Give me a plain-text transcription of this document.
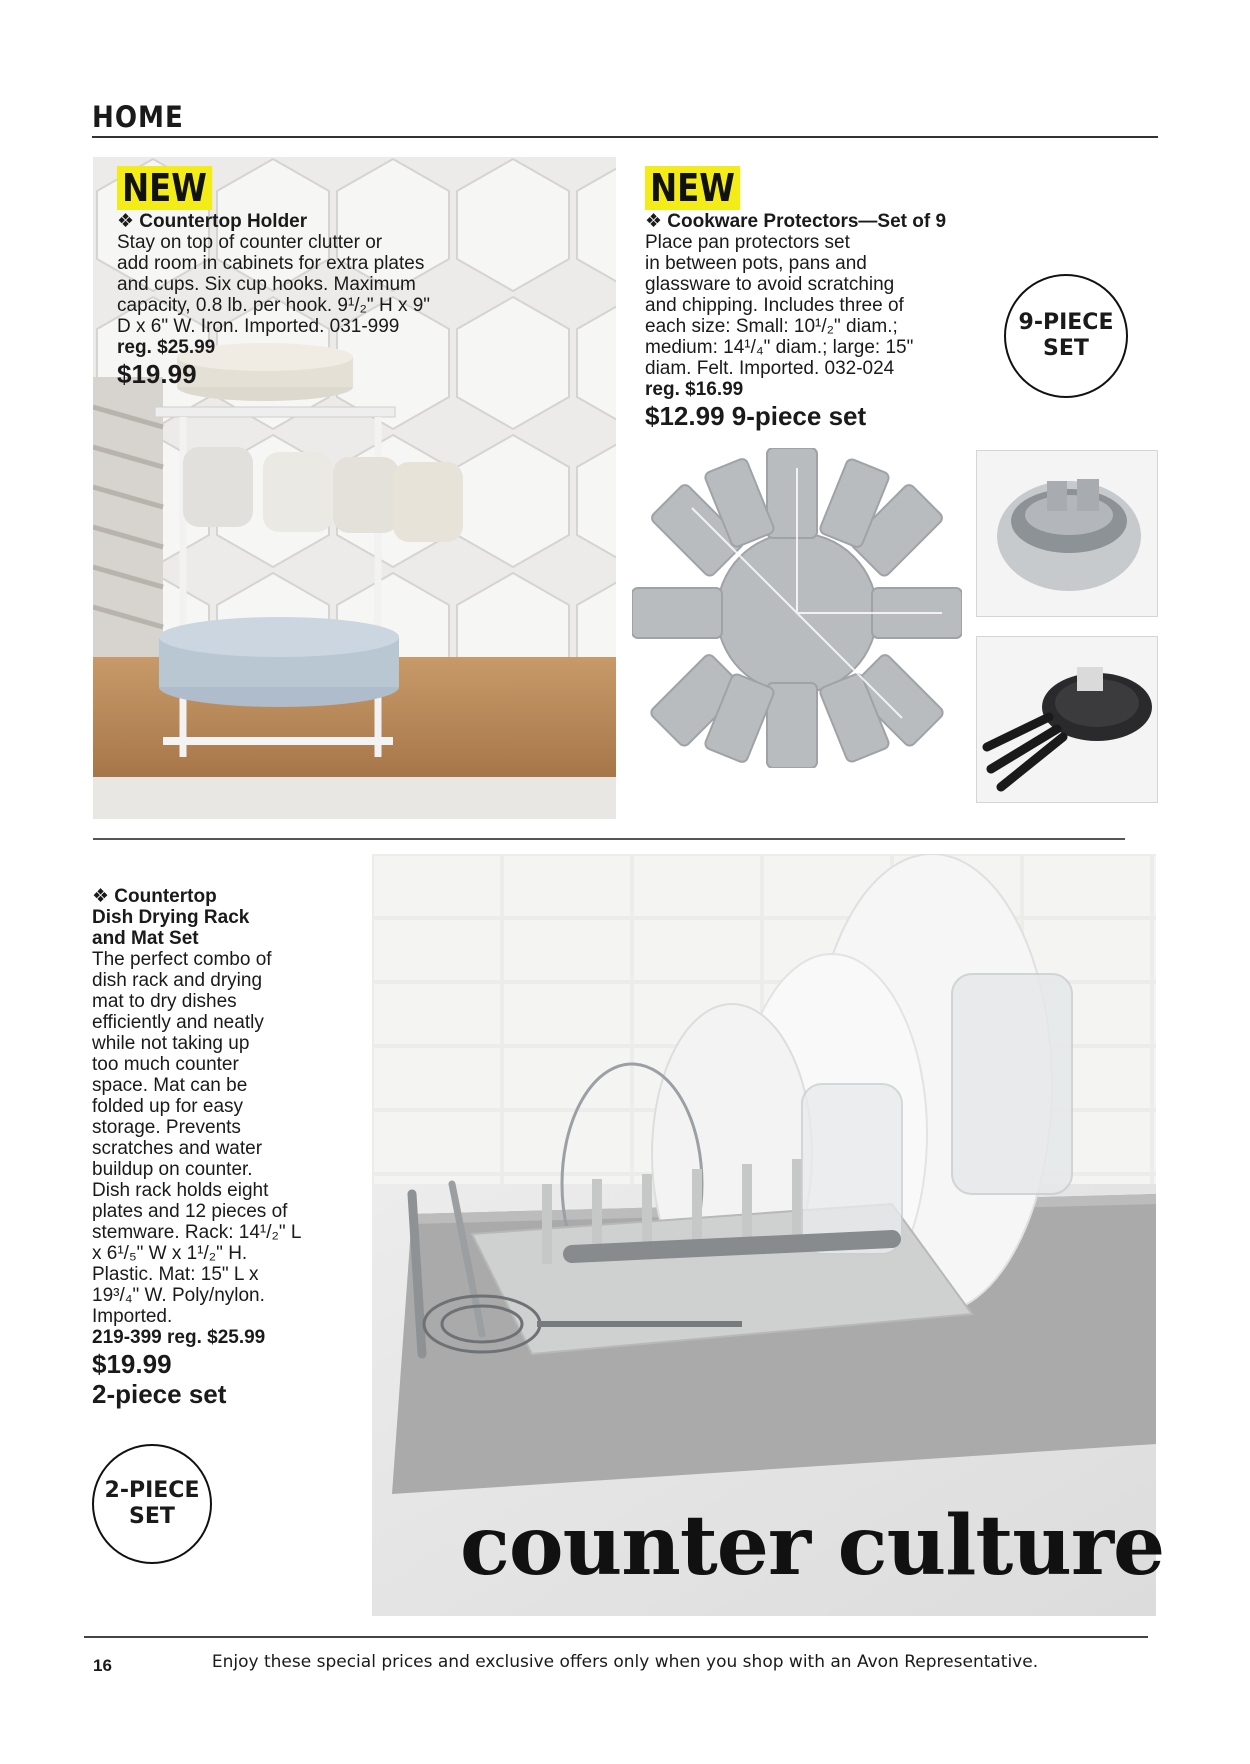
HOME
NEW
❖ Countertop Holder
Stay on top of counter clutter or
add room in cabinets for extra plates
and cups. Six cup hooks. Maximum
capacity, 0.8 lb. per hook. 9¹/₂" H x 9"
D x 6" W. Iron. Imported. 031-999
reg. $25.99
$19.99
NEW
❖ Cookware Protectors—Set of 9
Place pan protectors set
in between pots, pans and
glassware to avoid scratching
and chipping. Includes three of
each size: Small: 10¹/₂" diam.;
medium: 14¹/₄" diam.; large: 15"
diam. Felt. Imported. 032-024
reg. $16.99
$12.99 9-piece set
9-PIECE
SET
counter culture
❖ Countertop
Dish Drying Rack
and Mat Set
The perfect combo of
dish rack and drying
mat to dry dishes
efficiently and neatly
while not taking up
too much counter
space. Mat can be
folded up for easy
storage. Prevents
scratches and water
buildup on counter.
Dish rack holds eight
plates and 12 pieces of
stemware. Rack: 14¹/₂" L
x 6¹/₅" W x 1¹/₂" H.
Plastic. Mat: 15" L x
19³/₄" W. Poly/nylon.
Imported.
219-399 reg. $25.99
$19.99
2-piece set
2-PIECE
SET
16	Enjoy these special prices and exclusive offers only when you shop with an Avon Representative.
